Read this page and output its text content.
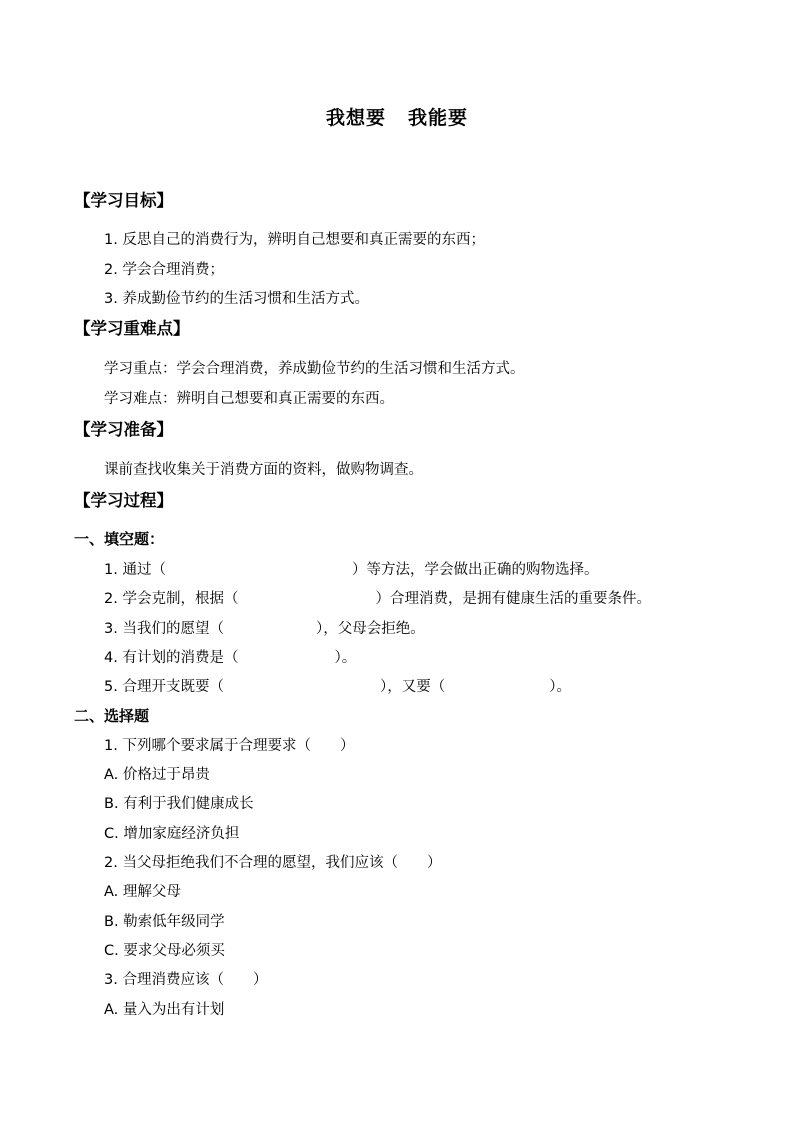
我想要 我能要
【学习目标】
1. 反思自己的消费行为，辨明自己想要和真正需要的东西；
2. 学会合理消费；
3. 养成勤俭节约的生活习惯和生活方式。
【学习重难点】
学习重点：学会合理消费，养成勤俭节约的生活习惯和生活方式。
学习难点：辨明自己想要和真正需要的东西。
【学习准备】
课前查找收集关于消费方面的资料，做购物调查。
【学习过程】
一、填空题：
1. 通过（	）等方法，学会做出正确的购物选择。
2. 学会克制，根据（	）合理消费，是拥有健康生活的重要条件。
3. 当我们的愿望（	），父母会拒绝。
4. 有计划的消费是（	）。
5. 合理开支既要（	），又要（	）。
二、选择题
1. 下列哪个要求属于合理要求（　　）
A. 价格过于昂贵
B. 有利于我们健康成长
C. 增加家庭经济负担
2. 当父母拒绝我们不合理的愿望，我们应该（　　）
A. 理解父母
B. 勒索低年级同学
C. 要求父母必须买
3. 合理消费应该（　　）
A. 量入为出有计划
